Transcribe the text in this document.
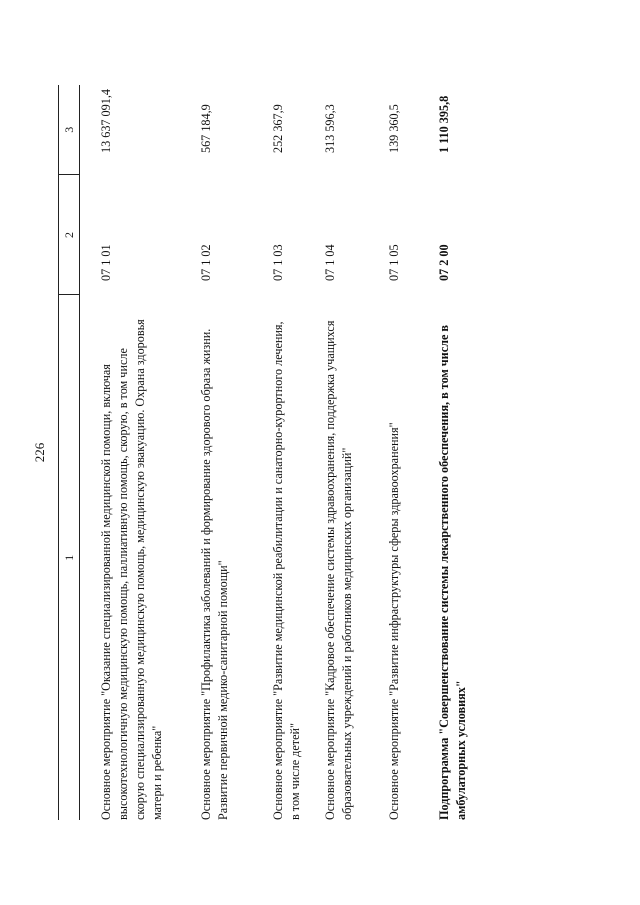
226
1	2	3
Основное мероприятие "Оказание специализированной медицинской помощи, включая высокотехнологичную медицинскую помощь, паллиативную помощь, скорую, в том числе скорую специализированную медицинскую помощь, медицинскую эвакуацию. Охрана здоровья матери и ребенка"	07 1 01	13 637 091,4
Основное мероприятие "Профилактика заболеваний и формирование здорового образа жизни. Развитие первичной медико-санитарной помощи"	07 1 02	567 184,9
Основное мероприятие "Развитие медицинской реабилитации и санаторно-курортного лечения, в том числе детей"	07 1 03	252 367,9
Основное мероприятие "Кадровое обеспечение системы здравоохранения, поддержка учащихся образовательных учреждений и работников медицинских организаций"	07 1 04	313 596,3
Основное мероприятие "Развитие инфраструктуры сферы здравоохранения"	07 1 05	139 360,5
Подпрограмма "Совершенствование системы лекарственного обеспечения, в том числе в амбулаторных условиях"	07 2 00	1 110 395,8
